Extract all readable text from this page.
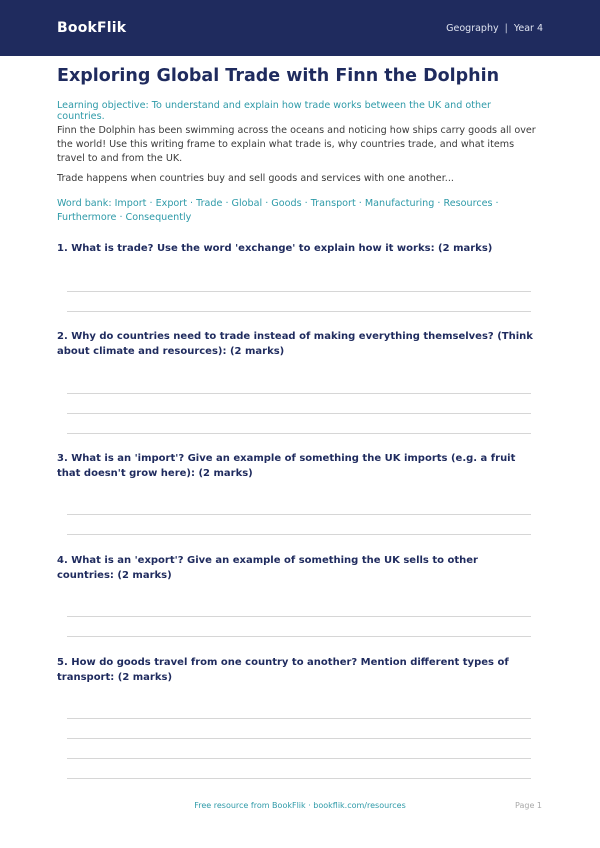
BookFlik	Geography | Year 4
Exploring Global Trade with Finn the Dolphin
Learning objective: To understand and explain how trade works between the UK and other countries.
Finn the Dolphin has been swimming across the oceans and noticing how ships carry goods all over the world! Use this writing frame to explain what trade is, why countries trade, and what items travel to and from the UK.
Trade happens when countries buy and sell goods and services with one another...
Word bank: Import · Export · Trade · Global · Goods · Transport · Manufacturing · Resources · Furthermore · Consequently
1. What is trade? Use the word 'exchange' to explain how it works: (2 marks)
2. Why do countries need to trade instead of making everything themselves? (Think about climate and resources): (2 marks)
3. What is an 'import'? Give an example of something the UK imports (e.g. a fruit that doesn't grow here): (2 marks)
4. What is an 'export'? Give an example of something the UK sells to other countries: (2 marks)
5. How do goods travel from one country to another? Mention different types of transport: (2 marks)
Free resource from BookFlik · bookflik.com/resources	Page 1
